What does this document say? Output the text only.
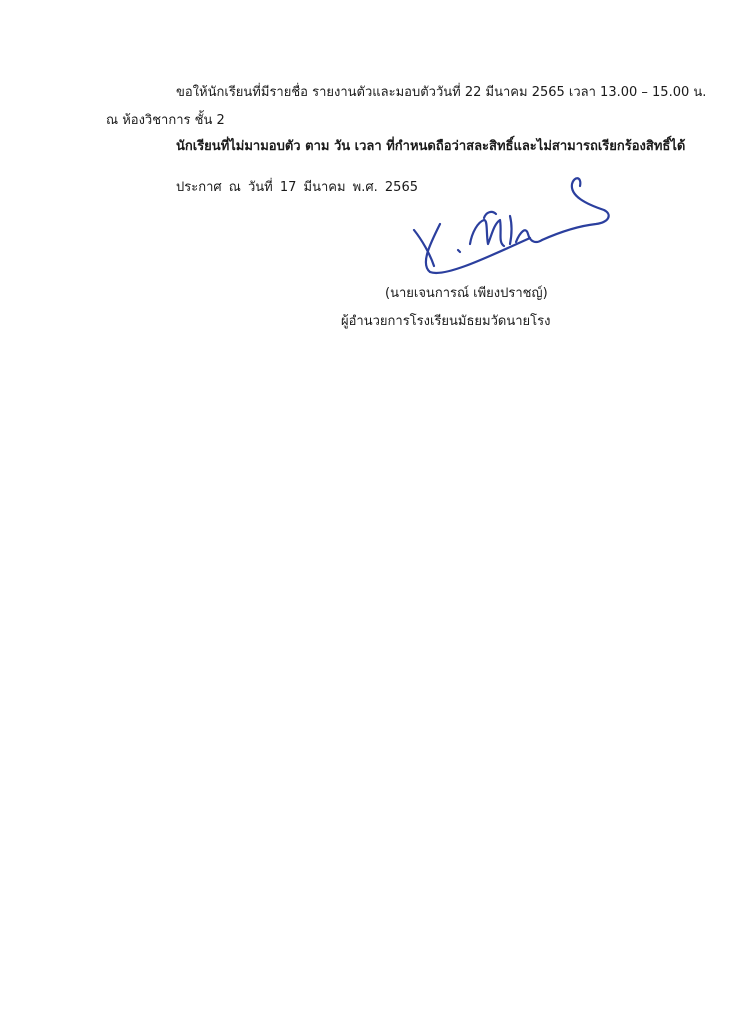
ขอให้นักเรียนที่มีรายชื่อ รายงานตัวและมอบตัววันที่ 22 มีนาคม 2565 เวลา 13.00 – 15.00 น.
ณ ห้องวิชาการ ชั้น 2
นักเรียนที่ไม่มามอบตัว ตาม วัน เวลา ที่กำหนดถือว่าสละสิทธิ์และไม่สามารถเรียกร้องสิทธิ์ได้
ประกาศ ณ วันที่ 17 มีนาคม พ.ศ. 2565
(นายเจนการณ์ เพียงปราชญ์)
ผู้อำนวยการโรงเรียนมัธยมวัดนายโรง
